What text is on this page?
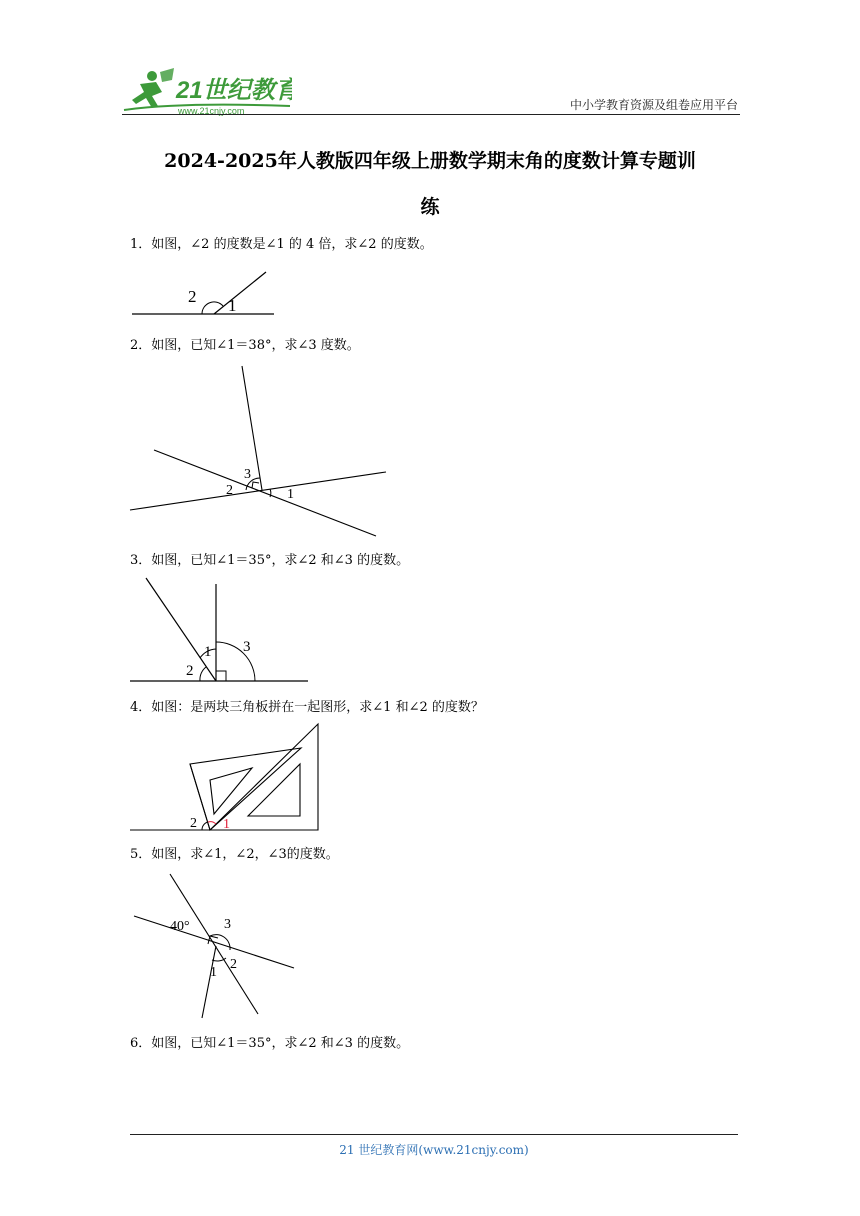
21世纪教育
www.21cnjy.com	中小学教育资源及组卷应用平台
2024-2025年人教版四年级上册数学期末角的度数计算专题训
练
1．如图，∠2 的度数是∠1 的 4 倍，求∠2 的度数。
2 1
2．如图，已知∠1＝38°，求∠3 度数。
3
2	1
3．如图，已知∠1＝35°，求∠2 和∠3 的度数。
1
2
3
4．如图：是两块三角板拼在一起图形，求∠1 和∠2 的度数？
2 1
5．如图，求∠1，∠2，∠3的度数。
40° 3
2
1
6．如图，已知∠1＝35°，求∠2 和∠3 的度数。
21 世纪教育网(www.21cnjy.com)
